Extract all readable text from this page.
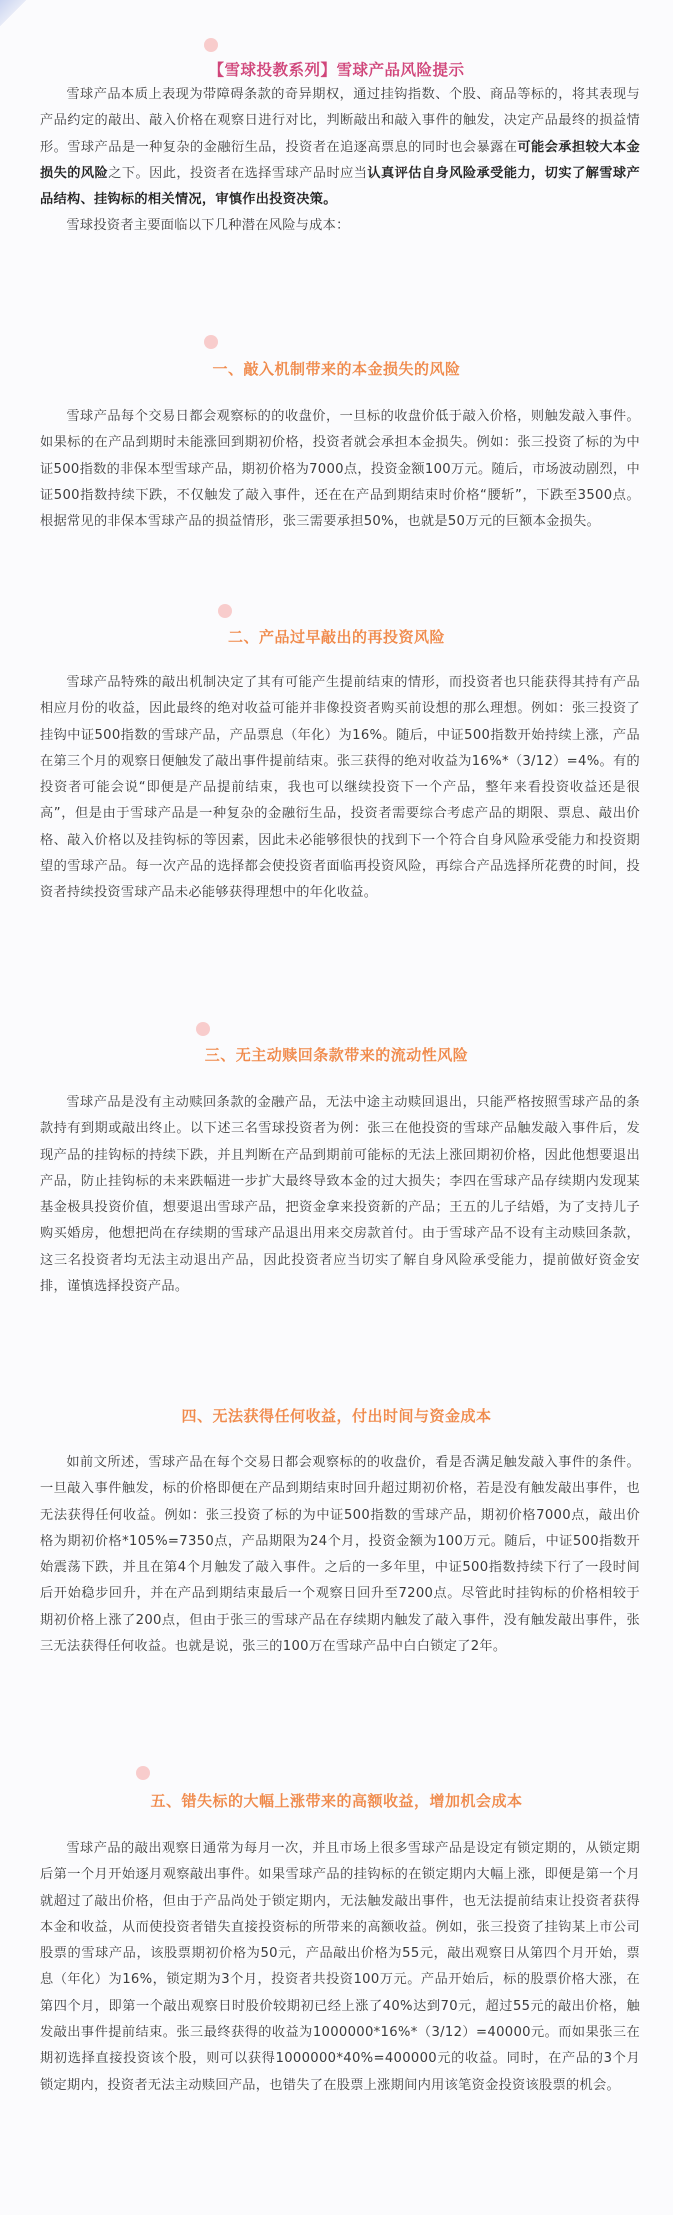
【雪球投教系列】雪球产品风险提示

雪球产品本质上表现为带障碍条款的奇异期权，通过挂钩指数、个股、商品等标的，将其表现与产品约定的敲出、敲入价格在观察日进行对比，判断敲出和敲入事件的触发，决定产品最终的损益情形。雪球产品是一种复杂的金融衍生品，投资者在追逐高票息的同时也会暴露在可能会承担较大本金损失的风险之下。因此，投资者在选择雪球产品时应当认真评估自身风险承受能力，切实了解雪球产品结构、挂钩标的相关情况，审慎作出投资决策。

雪球投资者主要面临以下几种潜在风险与成本：

一、敲入机制带来的本金损失的风险

雪球产品每个交易日都会观察标的的收盘价，一旦标的收盘价低于敲入价格，则触发敲入事件。如果标的在产品到期时未能涨回到期初价格，投资者就会承担本金损失。例如：张三投资了标的为中证500指数的非保本型雪球产品，期初价格为7000点，投资金额100万元。随后，市场波动剧烈，中证500指数持续下跌，不仅触发了敲入事件，还在在产品到期结束时价格“腰斩”，下跌至3500点。根据常见的非保本雪球产品的损益情形，张三需要承担50%，也就是50万元的巨额本金损失。

二、产品过早敲出的再投资风险

雪球产品特殊的敲出机制决定了其有可能产生提前结束的情形，而投资者也只能获得其持有产品相应月份的收益，因此最终的绝对收益可能并非像投资者购买前设想的那么理想。例如：张三投资了挂钩中证500指数的雪球产品，产品票息（年化）为16%。随后，中证500指数开始持续上涨，产品在第三个月的观察日便触发了敲出事件提前结束。张三获得的绝对收益为16%*（3/12）=4%。有的投资者可能会说“即便是产品提前结束，我也可以继续投资下一个产品，整年来看投资收益还是很高”，但是由于雪球产品是一种复杂的金融衍生品，投资者需要综合考虑产品的期限、票息、敲出价格、敲入价格以及挂钩标的等因素，因此未必能够很快的找到下一个符合自身风险承受能力和投资期望的雪球产品。每一次产品的选择都会使投资者面临再投资风险，再综合产品选择所花费的时间，投资者持续投资雪球产品未必能够获得理想中的年化收益。

三、无主动赎回条款带来的流动性风险

雪球产品是没有主动赎回条款的金融产品，无法中途主动赎回退出，只能严格按照雪球产品的条款持有到期或敲出终止。以下述三名雪球投资者为例：张三在他投资的雪球产品触发敲入事件后，发现产品的挂钩标的持续下跌，并且判断在产品到期前可能标的无法上涨回期初价格，因此他想要退出产品，防止挂钩标的未来跌幅进一步扩大最终导致本金的过大损失；李四在雪球产品存续期内发现某基金极具投资价值，想要退出雪球产品，把资金拿来投资新的产品；王五的儿子结婚，为了支持儿子购买婚房，他想把尚在存续期的雪球产品退出用来交房款首付。由于雪球产品不设有主动赎回条款，这三名投资者均无法主动退出产品，因此投资者应当切实了解自身风险承受能力，提前做好资金安排，谨慎选择投资产品。

四、无法获得任何收益，付出时间与资金成本

如前文所述，雪球产品在每个交易日都会观察标的的收盘价，看是否满足触发敲入事件的条件。一旦敲入事件触发，标的价格即便在产品到期结束时回升超过期初价格，若是没有触发敲出事件，也无法获得任何收益。例如：张三投资了标的为中证500指数的雪球产品，期初价格7000点，敲出价格为期初价格*105%=7350点，产品期限为24个月，投资金额为100万元。随后，中证500指数开始震荡下跌，并且在第4个月触发了敲入事件。之后的一多年里，中证500指数持续下行了一段时间后开始稳步回升，并在产品到期结束最后一个观察日回升至7200点。尽管此时挂钩标的价格相较于期初价格上涨了200点，但由于张三的雪球产品在存续期内触发了敲入事件，没有触发敲出事件，张三无法获得任何收益。也就是说，张三的100万在雪球产品中白白锁定了2年。

五、错失标的大幅上涨带来的高额收益，增加机会成本

雪球产品的敲出观察日通常为每月一次，并且市场上很多雪球产品是设定有锁定期的，从锁定期后第一个月开始逐月观察敲出事件。如果雪球产品的挂钩标的在锁定期内大幅上涨，即便是第一个月就超过了敲出价格，但由于产品尚处于锁定期内，无法触发敲出事件，也无法提前结束让投资者获得本金和收益，从而使投资者错失直接投资标的所带来的高额收益。例如，张三投资了挂钩某上市公司股票的雪球产品，该股票期初价格为50元，产品敲出价格为55元，敲出观察日从第四个月开始，票息（年化）为16%，锁定期为3个月，投资者共投资100万元。产品开始后，标的股票价格大涨，在第四个月，即第一个敲出观察日时股价较期初已经上涨了40%达到70元，超过55元的敲出价格，触发敲出事件提前结束。张三最终获得的收益为1000000*16%*（3/12）=40000元。而如果张三在期初选择直接投资该个股，则可以获得1000000*40%=400000元的收益。同时，在产品的3个月锁定期内，投资者无法主动赎回产品，也错失了在股票上涨期间内用该笔资金投资该股票的机会。
